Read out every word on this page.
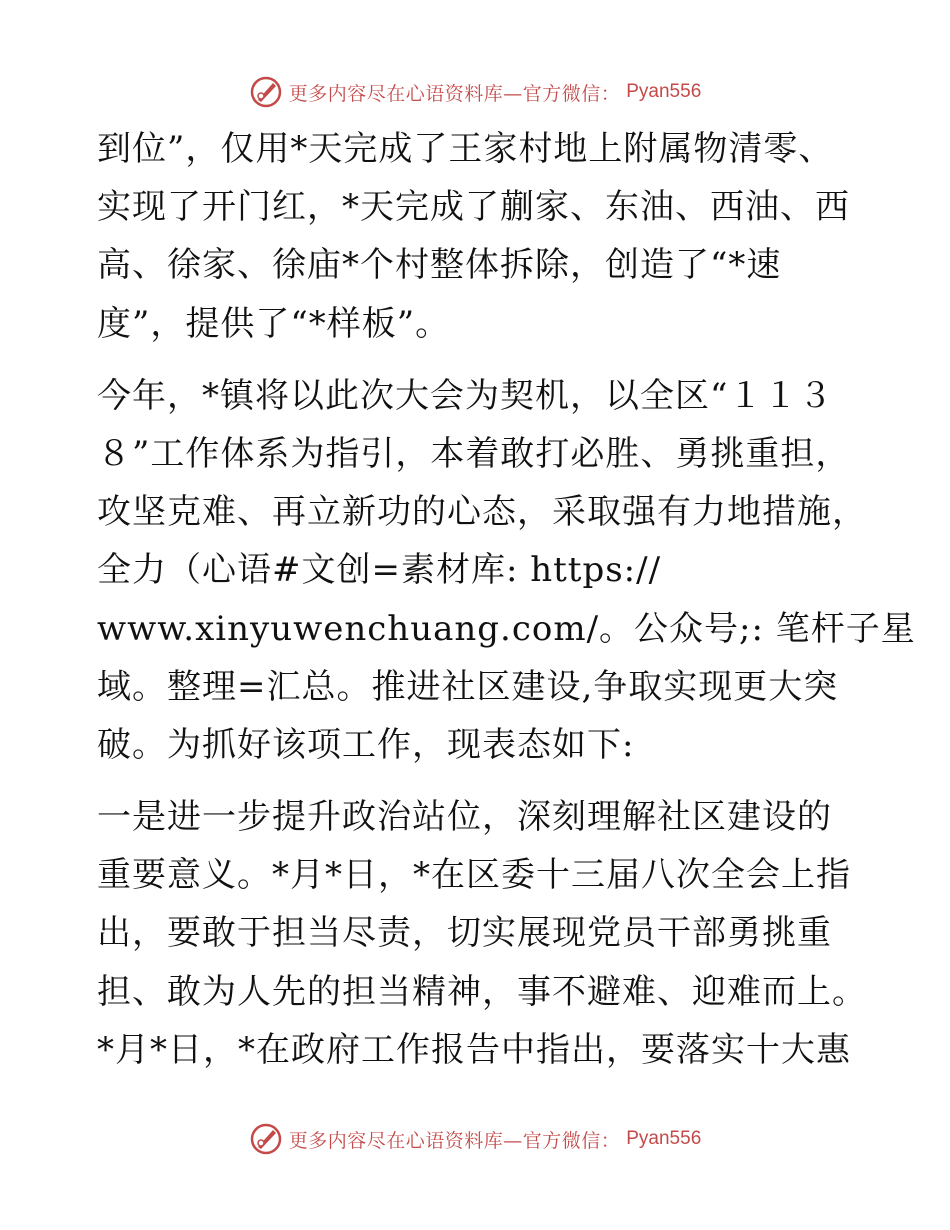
更多内容尽在心语资料库—官方微信： Pyan556
到位”，仅用*天完成了王家村地上附属物清零、
实现了开门红，*天完成了蒯家、东油、西油、西
高、徐家、徐庙*个村整体拆除，创造了“*速
度”，提供了“*样板”。
今年，*镇将以此次大会为契机，以全区“１１３
８”工作体系为指引，本着敢打必胜、勇挑重担，
攻坚克难、再立新功的心态，采取强有力地措施，
全力（心语#文创=素材库: https://
www.xinyuwenchuang.com/。公众号;: 笔杆子星
域。整理=汇总。推进社区建设,争取实现更大突
破。为抓好该项工作，现表态如下:
一是进一步提升政治站位，深刻理解社区建设的
重要意义。*月*日，*在区委十三届八次全会上指
出，要敢于担当尽责，切实展现党员干部勇挑重
担、敢为人先的担当精神，事不避难、迎难而上。
*月*日，*在政府工作报告中指出，要落实十大惠
更多内容尽在心语资料库—官方微信： Pyan556
